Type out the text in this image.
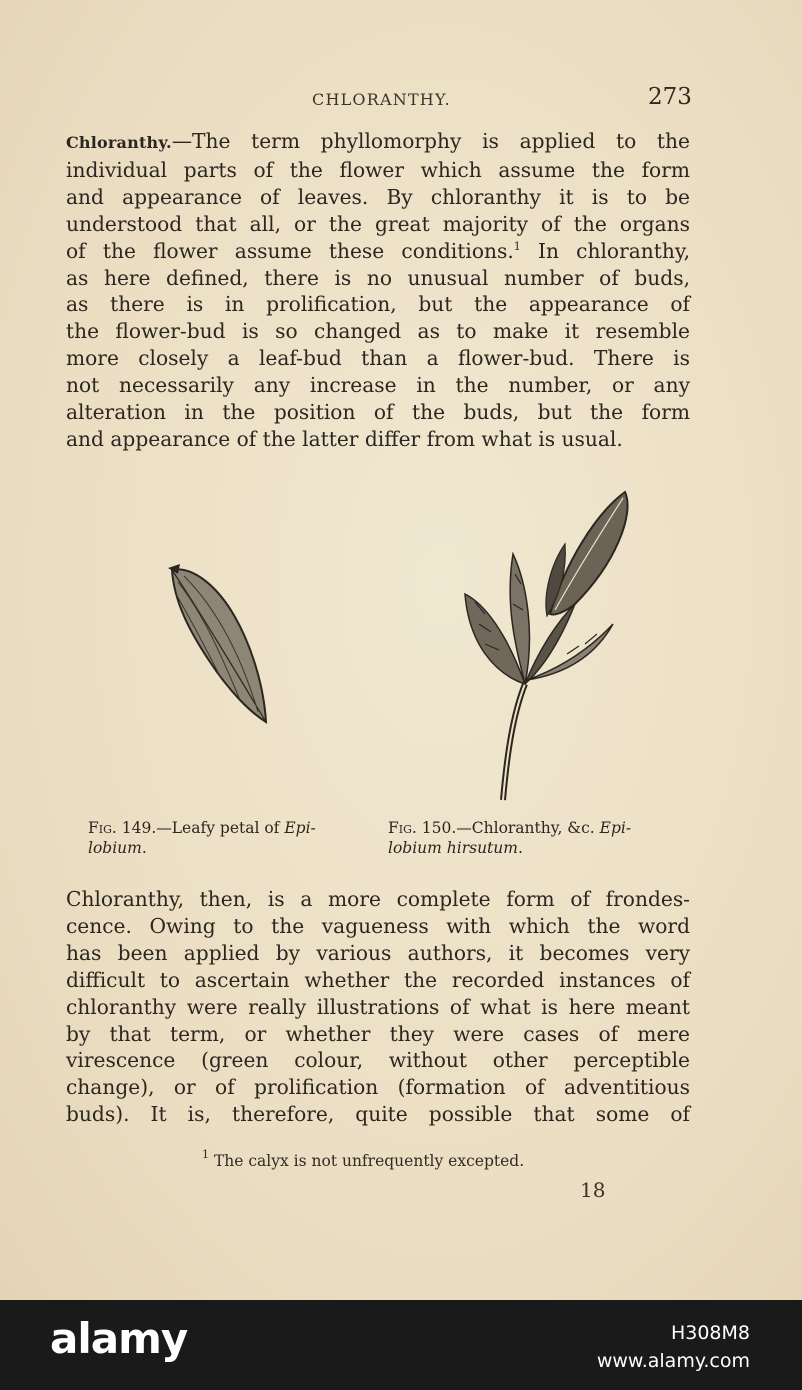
CHLORANTHY.	273
Chloranthy.—The term phyllomorphy is applied to the
individual parts of the flower which assume the form
and appearance of leaves. By chloranthy it is to be
understood that all, or the great majority of the organs
of the flower assume these conditions.$^1$ In chloranthy,
as here defined, there is no unusual number of buds,
as there is in prolification, but the appearance of
the flower-bud is so changed as to make it resemble
more closely a leaf-bud than a flower-bud. There is
not necessarily any increase in the number, or any
alteration in the position of the buds, but the form
and appearance of the latter differ from what is usual.
Fig. 149.—Leafy petal of Epi-
lobium.
Fig. 150.—Chloranthy, &c. Epi-
lobium hirsutum.
Chloranthy, then, is a more complete form of frondes-
cence. Owing to the vagueness with which the word
has been applied by various authors, it becomes very
difficult to ascertain whether the recorded instances of
chloranthy were really illustrations of what is here meant
by that term, or whether they were cases of mere
virescence (green colour, without other perceptible
change), or of prolification (formation of adventitious
buds). It is, therefore, quite possible that some of
$^1$ The calyx is not unfrequently excepted.
18
alamy	H308M8
www.alamy.com
